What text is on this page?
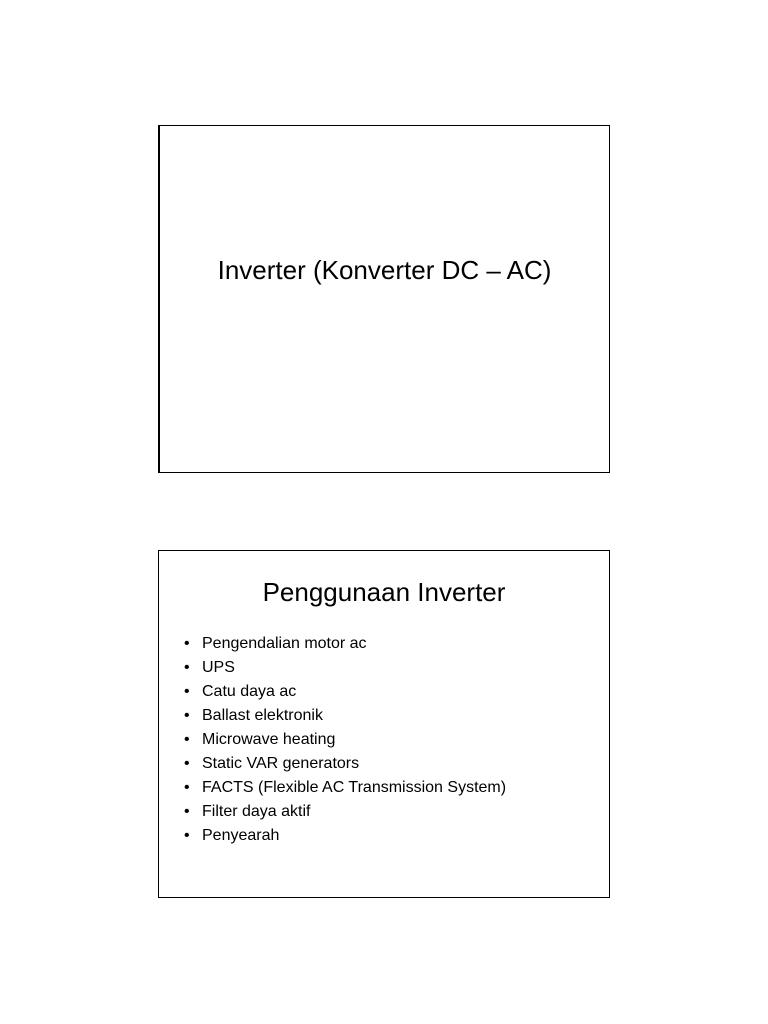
Inverter (Konverter DC – AC)
Penggunaan Inverter
• Pengendalian motor ac
• UPS
• Catu daya ac
• Ballast elektronik
• Microwave heating
• Static VAR generators
• FACTS (Flexible AC Transmission System)
• Filter daya aktif
• Penyearah
